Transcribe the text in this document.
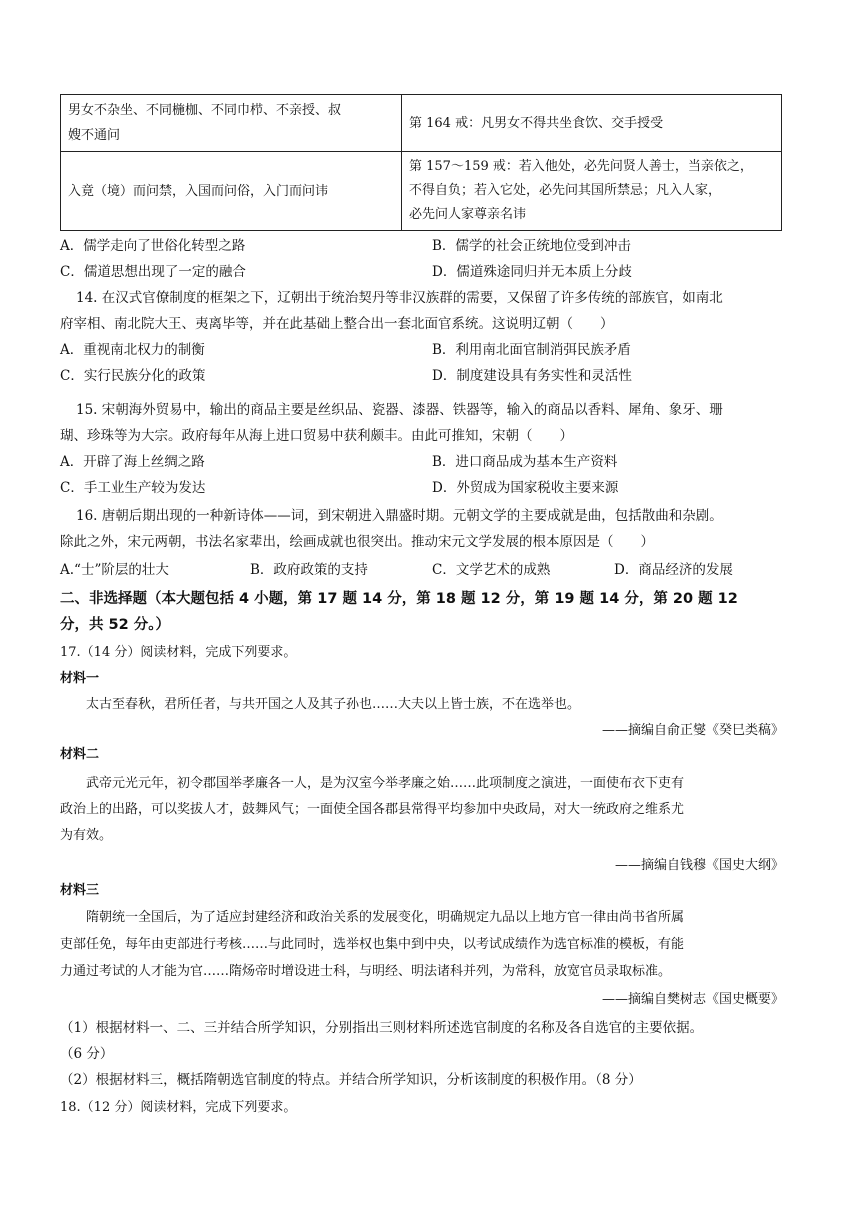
男女不杂坐、不同椸枷、不同巾栉、不亲授、叔
嫂不通问	第 164 戒：凡男女不得共坐食饮、交手授受

入竟（境）而问禁，入国而问俗，入门而问讳	第 157～159 戒：若入他处，必先问贤人善士，当亲依之，
不得自负；若入它处，必先问其国所禁忌；凡入人家，
必先问人家尊亲名讳
A．儒学走向了世俗化转型之路	B．儒学的社会正统地位受到冲击
C．儒道思想出现了一定的融合	D．儒道殊途同归并无本质上分歧
14. 在汉式官僚制度的框架之下，辽朝出于统治契丹等非汉族群的需要，又保留了许多传统的部族官，如南北
府宰相、南北院大王、夷离毕等，并在此基础上整合出一套北面官系统。这说明辽朝（　　）
A．重视南北权力的制衡	B．利用南北面官制消弭民族矛盾
C．实行民族分化的政策	D．制度建设具有务实性和灵活性
15. 宋朝海外贸易中，输出的商品主要是丝织品、瓷器、漆器、铁器等，输入的商品以香料、犀角、象牙、珊
瑚、珍珠等为大宗。政府每年从海上进口贸易中获利颇丰。由此可推知，宋朝（　　）
A．开辟了海上丝绸之路	B．进口商品成为基本生产资料
C．手工业生产较为发达	D．外贸成为国家税收主要来源
16. 唐朝后期出现的一种新诗体——词，到宋朝进入鼎盛时期。元朝文学的主要成就是曲，包括散曲和杂剧。
除此之外，宋元两朝，书法名家辈出，绘画成就也很突出。推动宋元文学发展的根本原因是（　　）
A.“士”阶层的壮大	B．政府政策的支持	C．文学艺术的成熟	D．商品经济的发展
二、非选择题（本大题包括 4 小题，第 17 题 14 分，第 18 题 12 分，第 19 题 14 分，第 20 题 12
分，共 52 分。）
17.（14 分）阅读材料，完成下列要求。
材料一
太古至春秋，君所任者，与共开国之人及其子孙也……大夫以上皆士族，不在选举也。
——摘编自俞正燮《癸巳类稿》
材料二
武帝元光元年，初令郡国举孝廉各一人，是为汉室今举孝廉之始……此项制度之演进，一面使布衣下吏有
政治上的出路，可以奖拔人才，鼓舞风气；一面使全国各郡县常得平均参加中央政局，对大一统政府之维系尤
为有效。
——摘编自钱穆《国史大纲》
材料三
隋朝统一全国后，为了适应封建经济和政治关系的发展变化，明确规定九品以上地方官一律由尚书省所属
吏部任免，每年由吏部进行考核……与此同时，选举权也集中到中央，以考试成绩作为选官标准的模板，有能
力通过考试的人才能为官……隋炀帝时增设进士科，与明经、明法诸科并列，为常科，放宽官员录取标准。
——摘编自樊树志《国史概要》
（1）根据材料一、二、三并结合所学知识，分别指出三则材料所述选官制度的名称及各自选官的主要依据。
（6 分）
（2）根据材料三，概括隋朝选官制度的特点。并结合所学知识，分析该制度的积极作用。（8 分）
18.（12 分）阅读材料，完成下列要求。
